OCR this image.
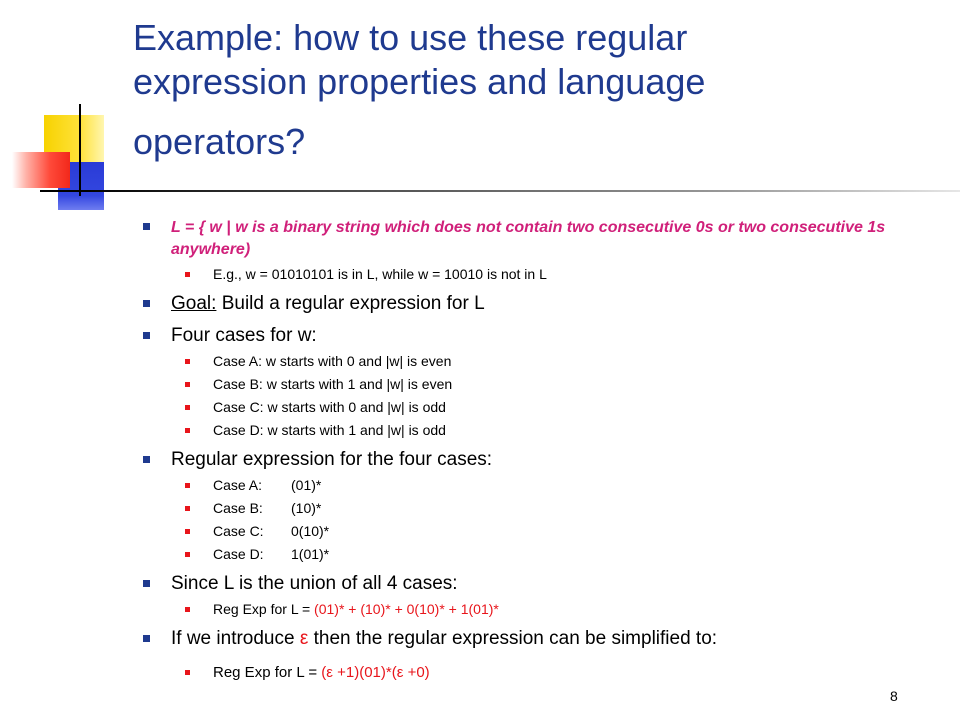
Example: how to use these regular
expression properties and language
operators?
L = { w | w is a binary string which does not contain two consecutive 0s or two consecutive 1s anywhere)
E.g., w = 01010101 is in L, while w = 10010 is not in L
Goal: Build a regular expression for L
Four cases for w:
Case A: w starts with 0 and |w| is even
Case B: w starts with 1 and |w| is even
Case C: w starts with 0 and |w| is odd
Case D: w starts with 1 and |w| is odd
Regular expression for the four cases:
Case A: (01)*
Case B: (10)*
Case C: 0(10)*
Case D: 1(01)*
Since L is the union of all 4 cases:
Reg Exp for L = (01)* + (10)* + 0(10)* + 1(01)*
If we introduce ε then the regular expression can be simplified to:
Reg Exp for L = (ε +1)(01)*(ε +0)
8
